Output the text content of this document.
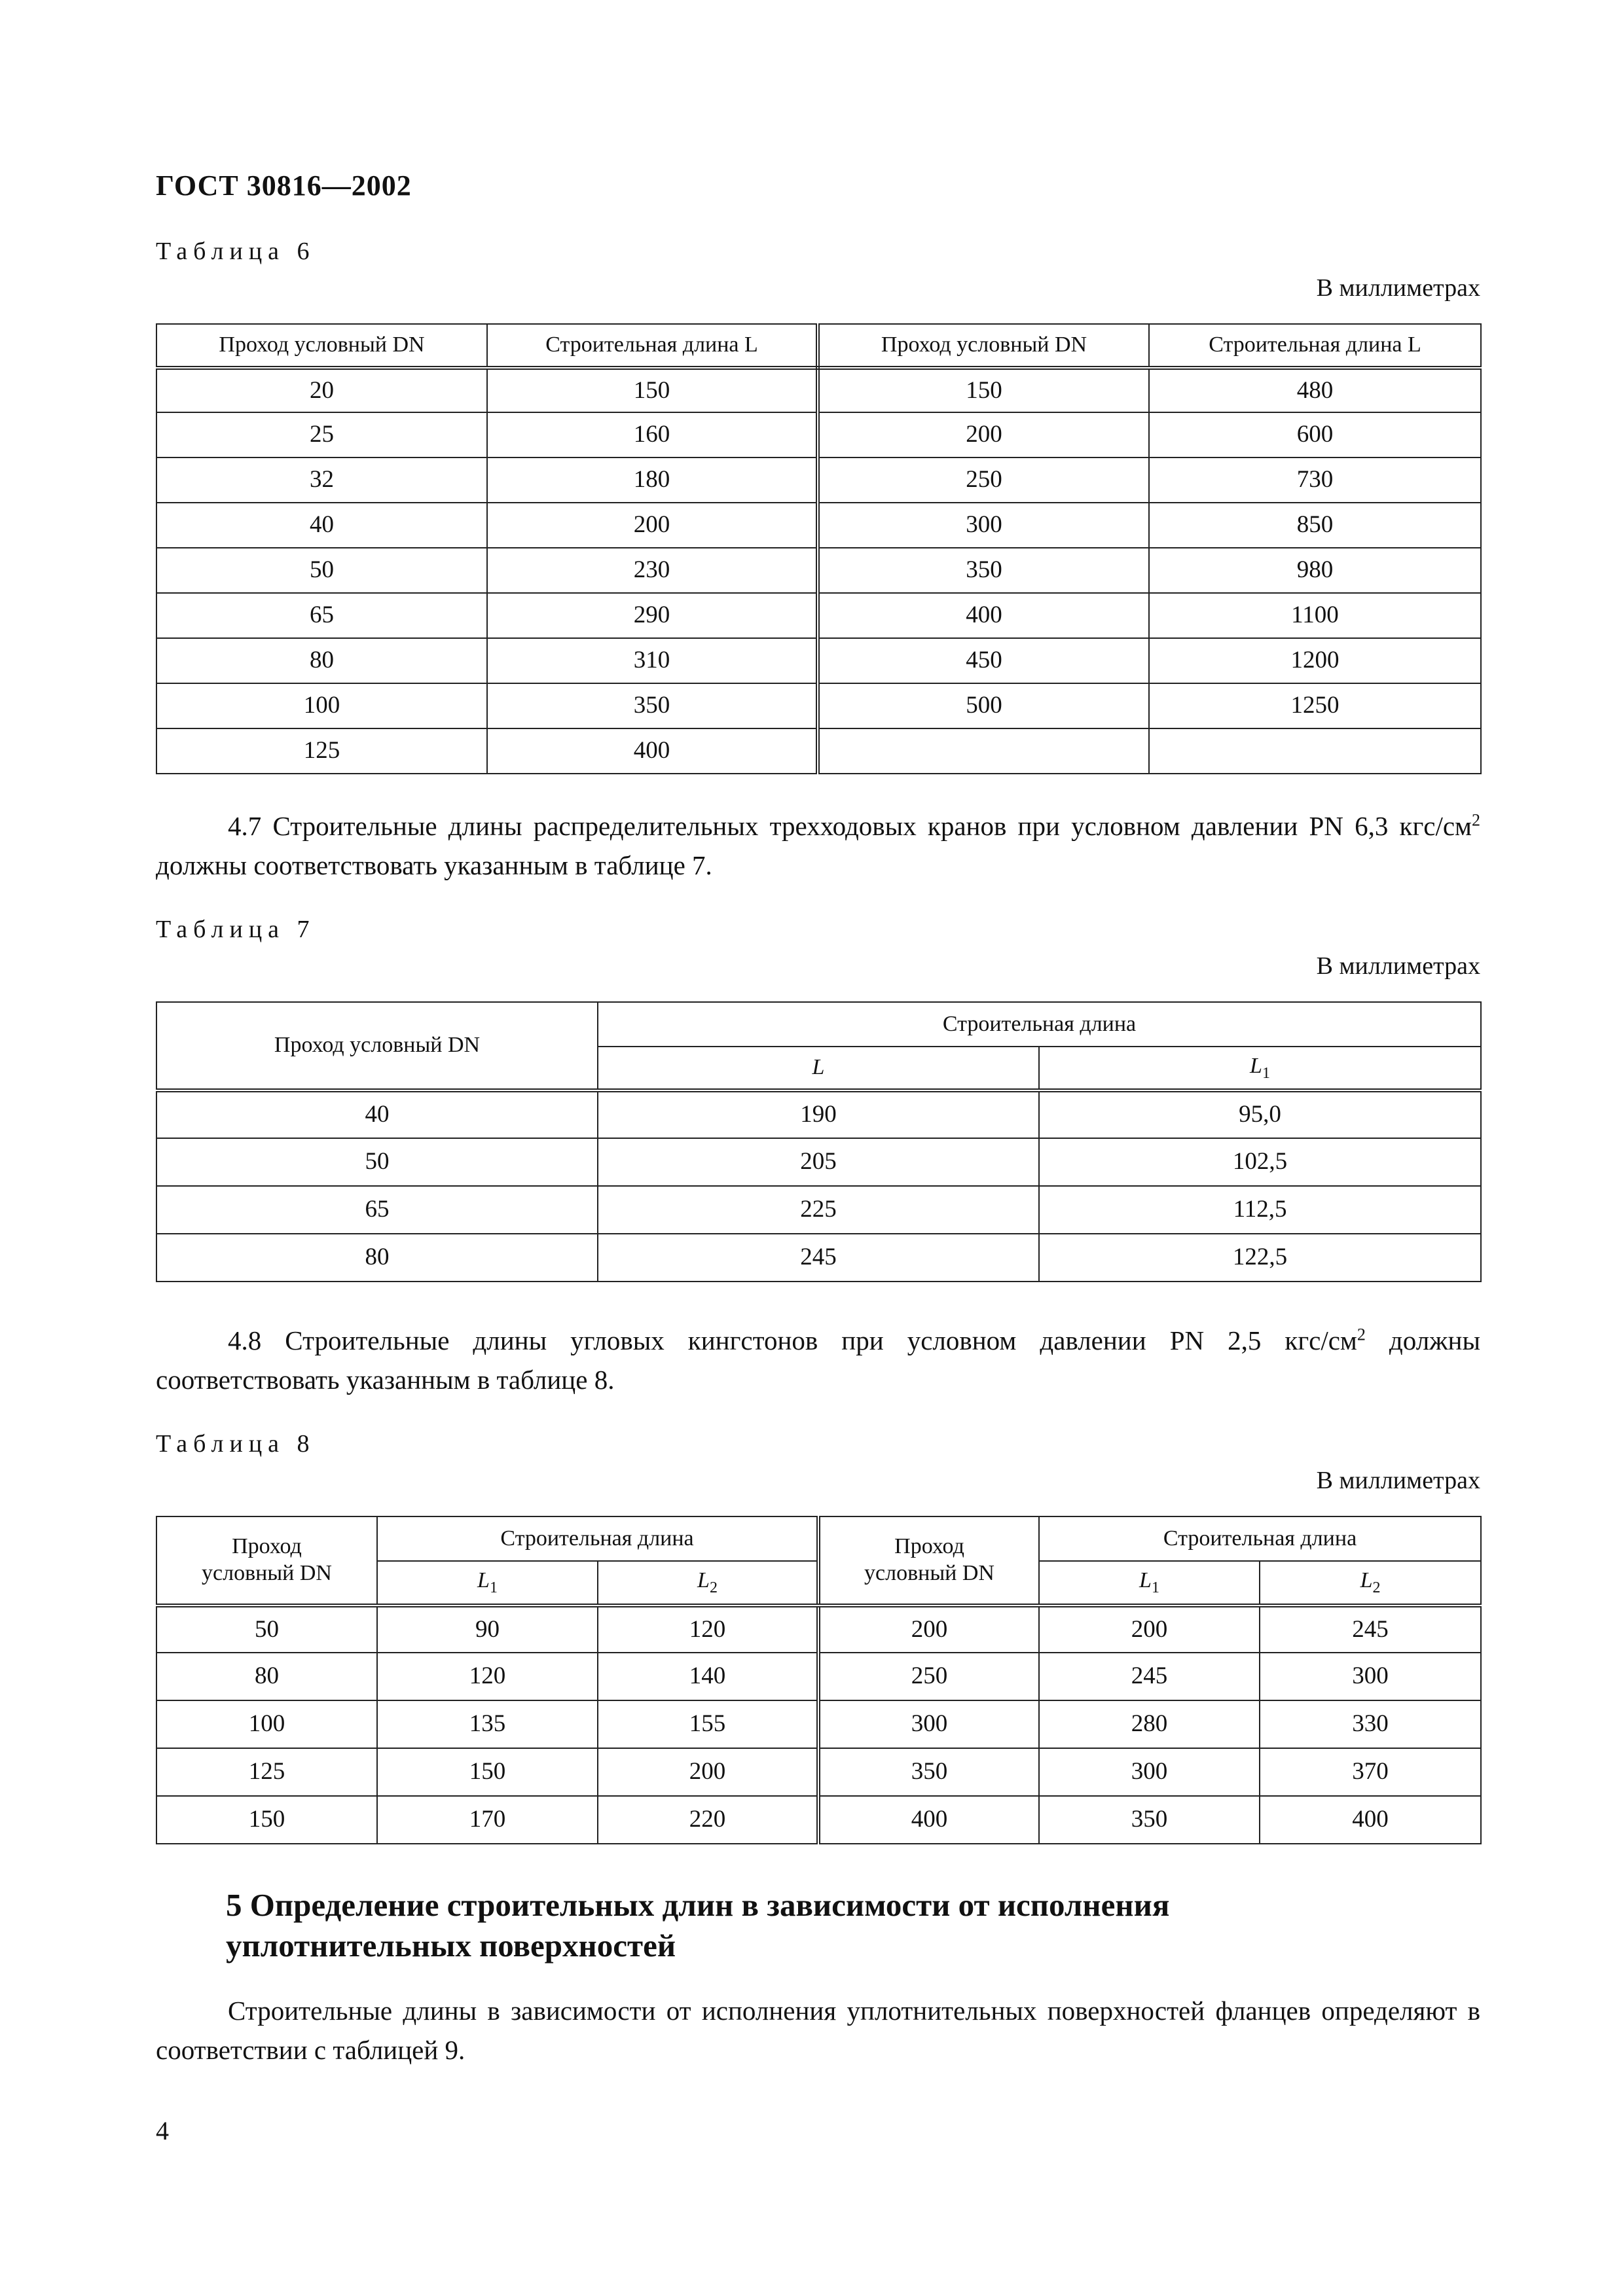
ГОСТ 30816—2002
Таблица 6
В миллиметрах
Проход условный DN	Строительная длина L	Проход условный DN	Строительная длина L
20	150	150	480
25	160	200	600
32	180	250	730
40	200	300	850
50	230	350	980
65	290	400	1100
80	310	450	1200
100	350	500	1250
125	400		
4.7 Строительные длины распределительных трехходовых кранов при условном давлении PN 6,3 кгс/$см^2$ должны соответствовать указанным в таблице 7.
Таблица 7
В миллиметрах
Проход условный DN	Строительная длина	
	L	$L_1$
40	190	95,0
50	205	102,5
65	225	112,5
80	245	122,5
4.8 Строительные длины угловых кингстонов при условном давлении PN 2,5 кгс/$см^2$ должны соответствовать указанным в таблице 8.
Таблица 8
В миллиметрах
Проход
условный DN	Строительная длина		Проход
условный DN	Строительная длина	
	$L_1$	$L_2$		$L_1$	$L_2$
50	90	120	200	200	245
80	120	140	250	245	300
100	135	155	300	280	330
125	150	200	350	300	370
150	170	220	400	350	400
5 Определение строительных длин в зависимости от исполнения
уплотнительных поверхностей
Строительные длины в зависимости от исполнения уплотнительных поверхностей фланцев определяют в соответствии с таблицей 9.
4
